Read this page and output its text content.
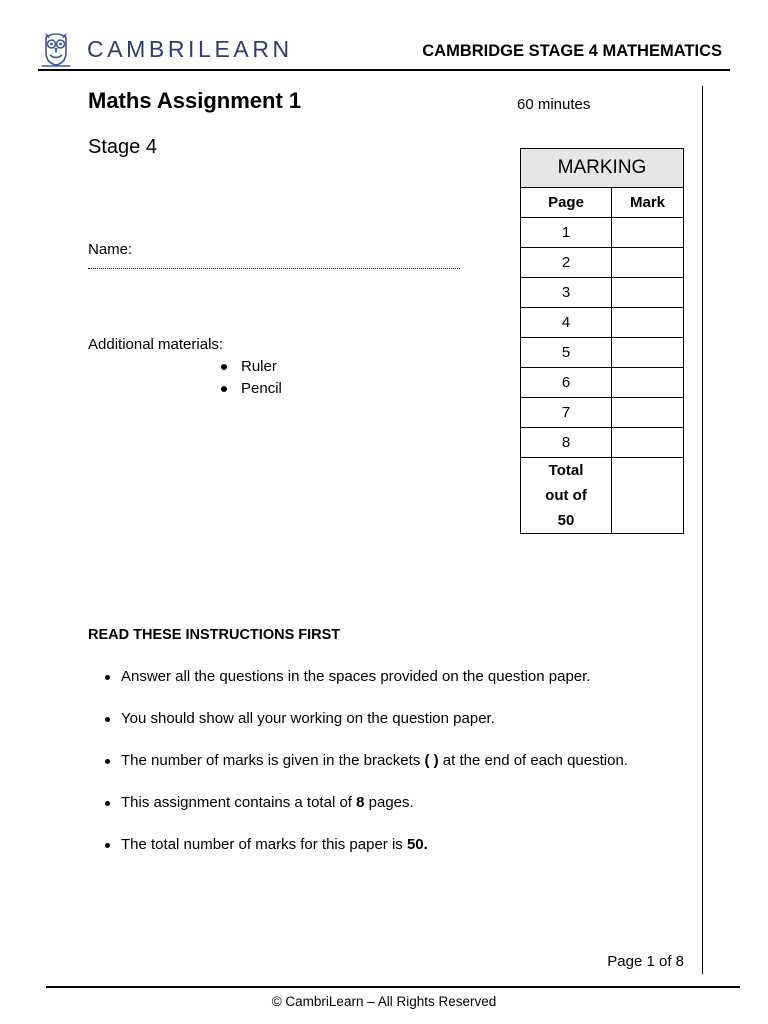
CAMBRILEARN	CAMBRIDGE STAGE 4 MATHEMATICS
Maths Assignment 1
Stage 4
60 minutes
Name:
Additional materials:
Ruler
Pencil
MARKING	
Page	Mark
1	
2	
3	
4	
5	
6	
7	
8	

Total
out of
50	

READ THESE INSTRUCTIONS FIRST
Answer all the questions in the spaces provided on the question paper.
You should show all your working on the question paper.
The number of marks is given in the brackets ( ) at the end of each question.
This assignment contains a total of 8 pages.
The total number of marks for this paper is 50.
Page 1 of 8
© CambriLearn – All Rights Reserved
